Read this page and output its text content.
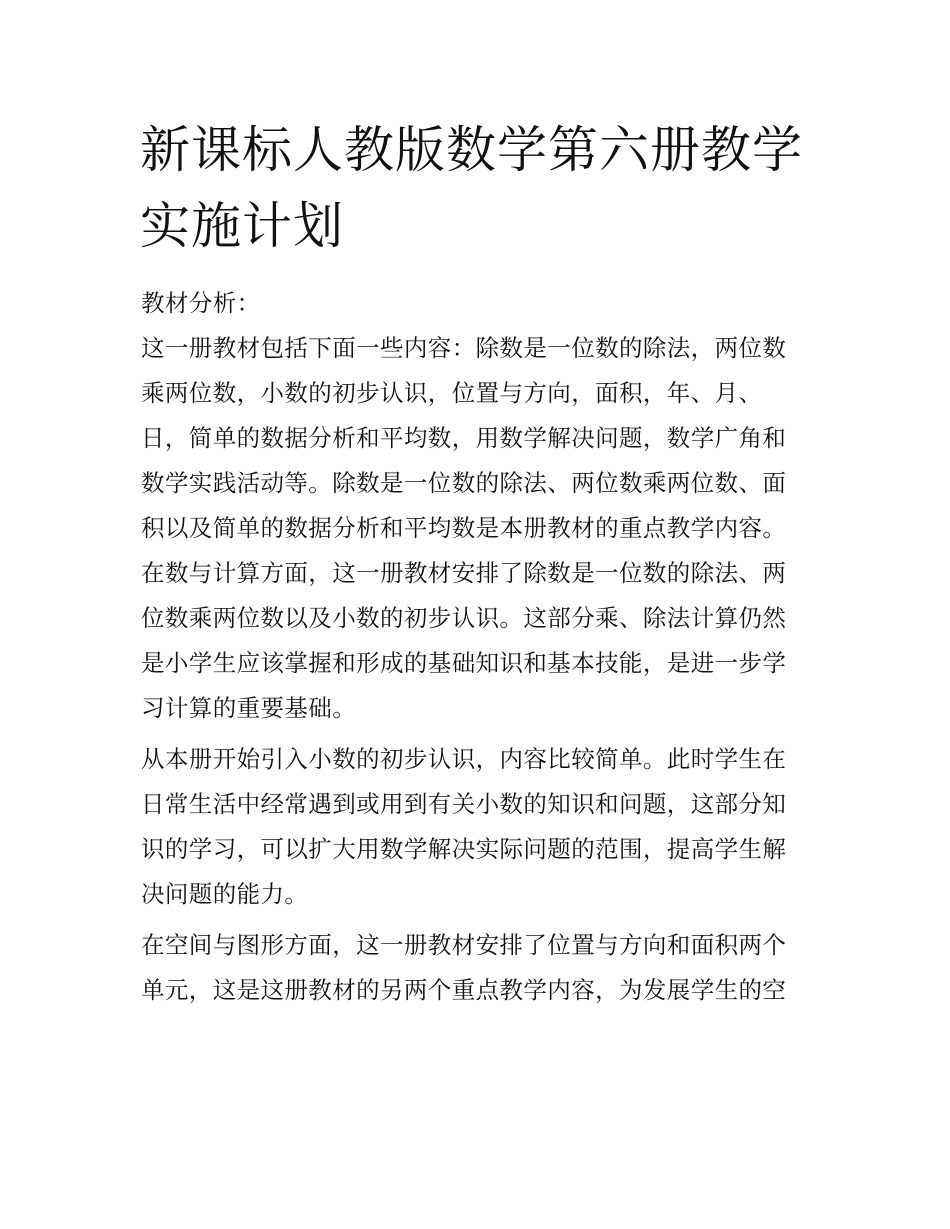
新课标人教版数学第六册教学
实施计划
教材分析：
这一册教材包括下面一些内容：除数是一位数的除法，两位数
乘两位数，小数的初步认识，位置与方向，面积，年、月、
日，简单的数据分析和平均数，用数学解决问题，数学广角和
数学实践活动等。除数是一位数的除法、两位数乘两位数、面
积以及简单的数据分析和平均数是本册教材的重点教学内容。
在数与计算方面，这一册教材安排了除数是一位数的除法、两
位数乘两位数以及小数的初步认识。这部分乘、除法计算仍然
是小学生应该掌握和形成的基础知识和基本技能，是进一步学
习计算的重要基础。
从本册开始引入小数的初步认识，内容比较简单。此时学生在
日常生活中经常遇到或用到有关小数的知识和问题，这部分知
识的学习，可以扩大用数学解决实际问题的范围，提高学生解
决问题的能力。
在空间与图形方面，这一册教材安排了位置与方向和面积两个
单元，这是这册教材的另两个重点教学内容，为发展学生的空
